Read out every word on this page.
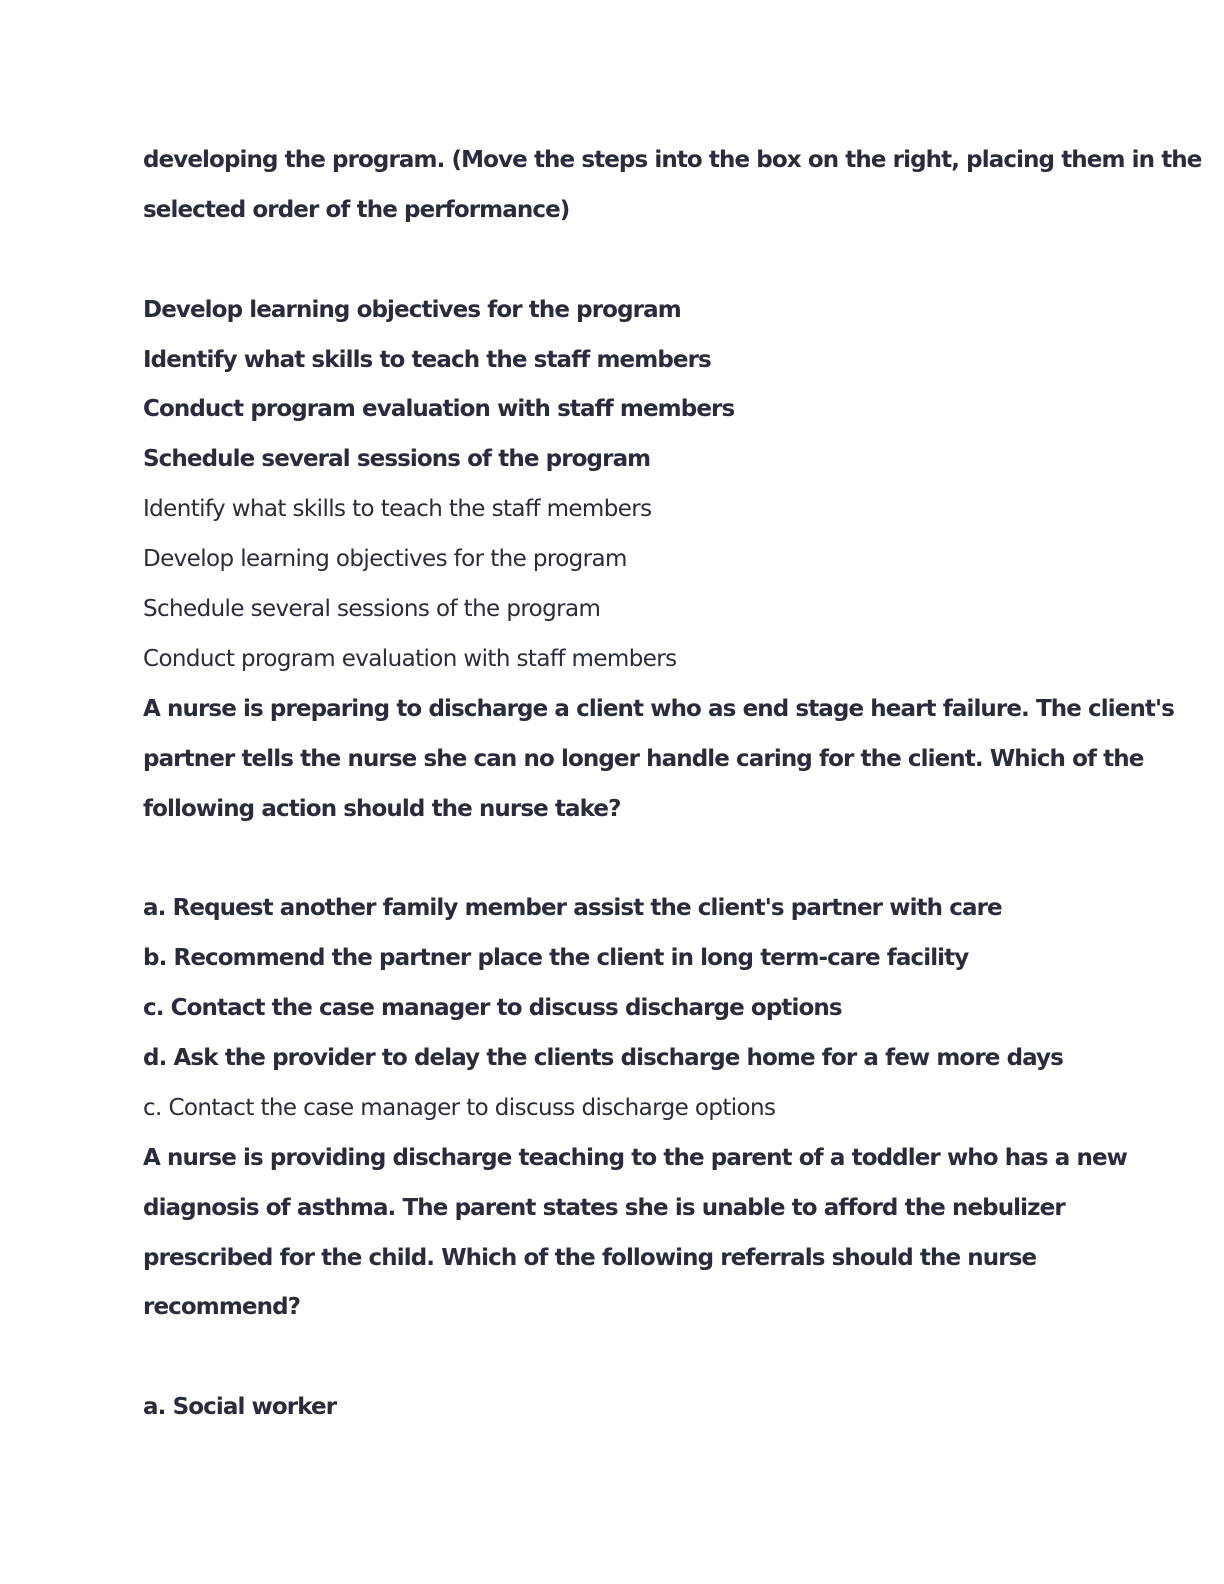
developing the program. (Move the steps into the box on the right, placing them in the
selected order of the performance)
Develop learning objectives for the program
Identify what skills to teach the staff members
Conduct program evaluation with staff members
Schedule several sessions of the program
Identify what skills to teach the staff members
Develop learning objectives for the program
Schedule several sessions of the program
Conduct program evaluation with staff members
A nurse is preparing to discharge a client who as end stage heart failure. The client's
partner tells the nurse she can no longer handle caring for the client. Which of the
following action should the nurse take?
a. Request another family member assist the client's partner with care
b. Recommend the partner place the client in long term-care facility
c. Contact the case manager to discuss discharge options
d. Ask the provider to delay the clients discharge home for a few more days
c. Contact the case manager to discuss discharge options
A nurse is providing discharge teaching to the parent of a toddler who has a new
diagnosis of asthma. The parent states she is unable to afford the nebulizer
prescribed for the child. Which of the following referrals should the nurse
recommend?
a. Social worker
